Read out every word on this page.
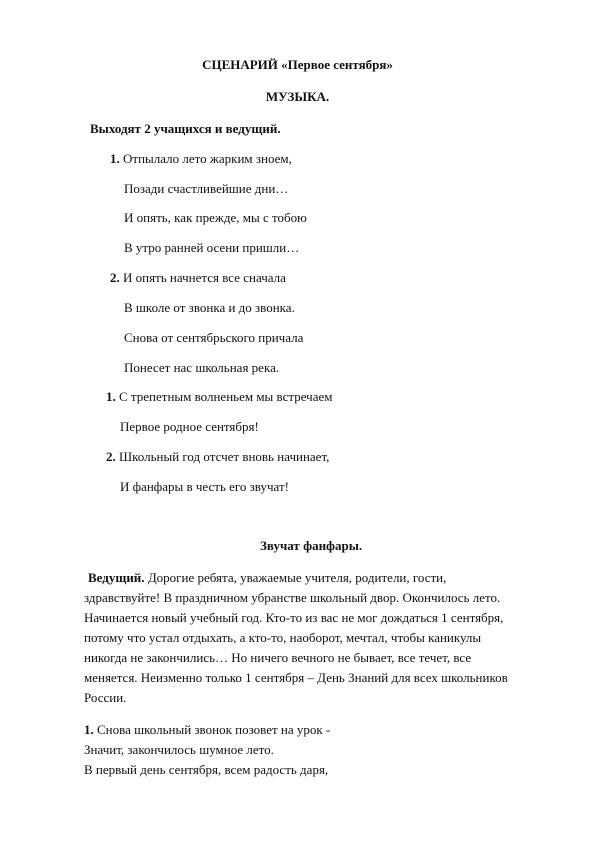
СЦЕНАРИЙ «Первое сентября»
МУЗЫКА.
Выходят 2 учащихся и ведущий.
1. Отпылало лето жарким зноем,
Позади счастливейшие дни…
И опять, как прежде, мы с тобою
В утро ранней осени пришли…
2. И опять начнется все сначала
В школе от звонка и до звонка.
Снова от сентябрьского причала
Понесет нас школьная река.
1. С трепетным волненьем мы встречаем
Первое родное сентября!
2. Школьный год отсчет вновь начинает,
И фанфары в честь его звучат!
Звучат фанфары.
Ведущий. Дорогие ребята, уважаемые учителя, родители, гости,
здравствуйте! В праздничном убранстве школьный двор. Окончилось лето.
Начинается новый учебный год. Кто-то из вас не мог дождаться 1 сентября,
потому что устал отдыхать, а кто-то, наоборот, мечтал, чтобы каникулы
никогда не закончились… Но ничего вечного не бывает, все течет, все
меняется. Неизменно только 1 сентября – День Знаний для всех школьников
России.
1. Снова школьный звонок позовет на урок -
Значит, закончилось шумное лето.
В первый день сентября, всем радость даря,
